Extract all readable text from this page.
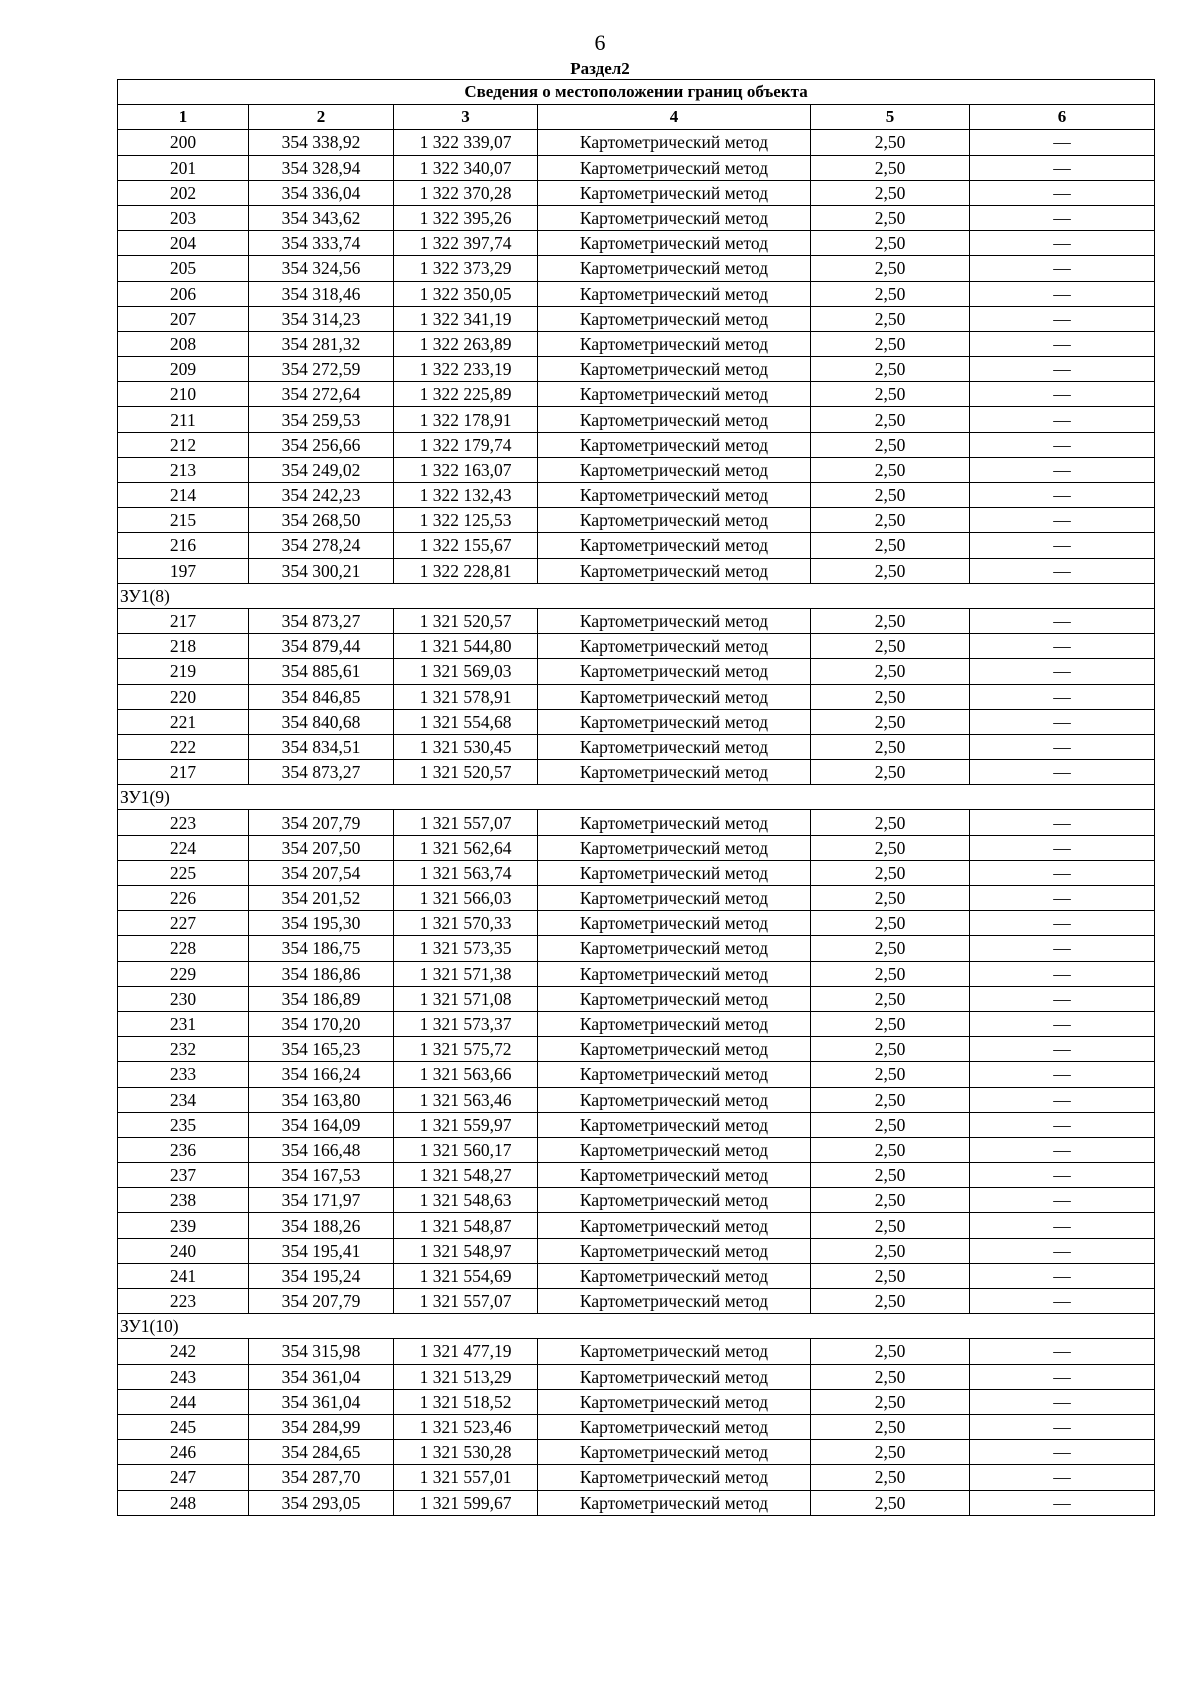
6
Раздел2
Сведения о местоположении границ объекта					
1	2	3	4	5	6
200	354 338,92	1 322 339,07	Картометрический метод	2,50	—
201	354 328,94	1 322 340,07	Картометрический метод	2,50	—
202	354 336,04	1 322 370,28	Картометрический метод	2,50	—
203	354 343,62	1 322 395,26	Картометрический метод	2,50	—
204	354 333,74	1 322 397,74	Картометрический метод	2,50	—
205	354 324,56	1 322 373,29	Картометрический метод	2,50	—
206	354 318,46	1 322 350,05	Картометрический метод	2,50	—
207	354 314,23	1 322 341,19	Картометрический метод	2,50	—
208	354 281,32	1 322 263,89	Картометрический метод	2,50	—
209	354 272,59	1 322 233,19	Картометрический метод	2,50	—
210	354 272,64	1 322 225,89	Картометрический метод	2,50	—
211	354 259,53	1 322 178,91	Картометрический метод	2,50	—
212	354 256,66	1 322 179,74	Картометрический метод	2,50	—
213	354 249,02	1 322 163,07	Картометрический метод	2,50	—
214	354 242,23	1 322 132,43	Картометрический метод	2,50	—
215	354 268,50	1 322 125,53	Картометрический метод	2,50	—
216	354 278,24	1 322 155,67	Картометрический метод	2,50	—
197	354 300,21	1 322 228,81	Картометрический метод	2,50	—
ЗУ1(8)					
217	354 873,27	1 321 520,57	Картометрический метод	2,50	—
218	354 879,44	1 321 544,80	Картометрический метод	2,50	—
219	354 885,61	1 321 569,03	Картометрический метод	2,50	—
220	354 846,85	1 321 578,91	Картометрический метод	2,50	—
221	354 840,68	1 321 554,68	Картометрический метод	2,50	—
222	354 834,51	1 321 530,45	Картометрический метод	2,50	—
217	354 873,27	1 321 520,57	Картометрический метод	2,50	—
ЗУ1(9)					
223	354 207,79	1 321 557,07	Картометрический метод	2,50	—
224	354 207,50	1 321 562,64	Картометрический метод	2,50	—
225	354 207,54	1 321 563,74	Картометрический метод	2,50	—
226	354 201,52	1 321 566,03	Картометрический метод	2,50	—
227	354 195,30	1 321 570,33	Картометрический метод	2,50	—
228	354 186,75	1 321 573,35	Картометрический метод	2,50	—
229	354 186,86	1 321 571,38	Картометрический метод	2,50	—
230	354 186,89	1 321 571,08	Картометрический метод	2,50	—
231	354 170,20	1 321 573,37	Картометрический метод	2,50	—
232	354 165,23	1 321 575,72	Картометрический метод	2,50	—
233	354 166,24	1 321 563,66	Картометрический метод	2,50	—
234	354 163,80	1 321 563,46	Картометрический метод	2,50	—
235	354 164,09	1 321 559,97	Картометрический метод	2,50	—
236	354 166,48	1 321 560,17	Картометрический метод	2,50	—
237	354 167,53	1 321 548,27	Картометрический метод	2,50	—
238	354 171,97	1 321 548,63	Картометрический метод	2,50	—
239	354 188,26	1 321 548,87	Картометрический метод	2,50	—
240	354 195,41	1 321 548,97	Картометрический метод	2,50	—
241	354 195,24	1 321 554,69	Картометрический метод	2,50	—
223	354 207,79	1 321 557,07	Картометрический метод	2,50	—
ЗУ1(10)					
242	354 315,98	1 321 477,19	Картометрический метод	2,50	—
243	354 361,04	1 321 513,29	Картометрический метод	2,50	—
244	354 361,04	1 321 518,52	Картометрический метод	2,50	—
245	354 284,99	1 321 523,46	Картометрический метод	2,50	—
246	354 284,65	1 321 530,28	Картометрический метод	2,50	—
247	354 287,70	1 321 557,01	Картометрический метод	2,50	—
248	354 293,05	1 321 599,67	Картометрический метод	2,50	—
